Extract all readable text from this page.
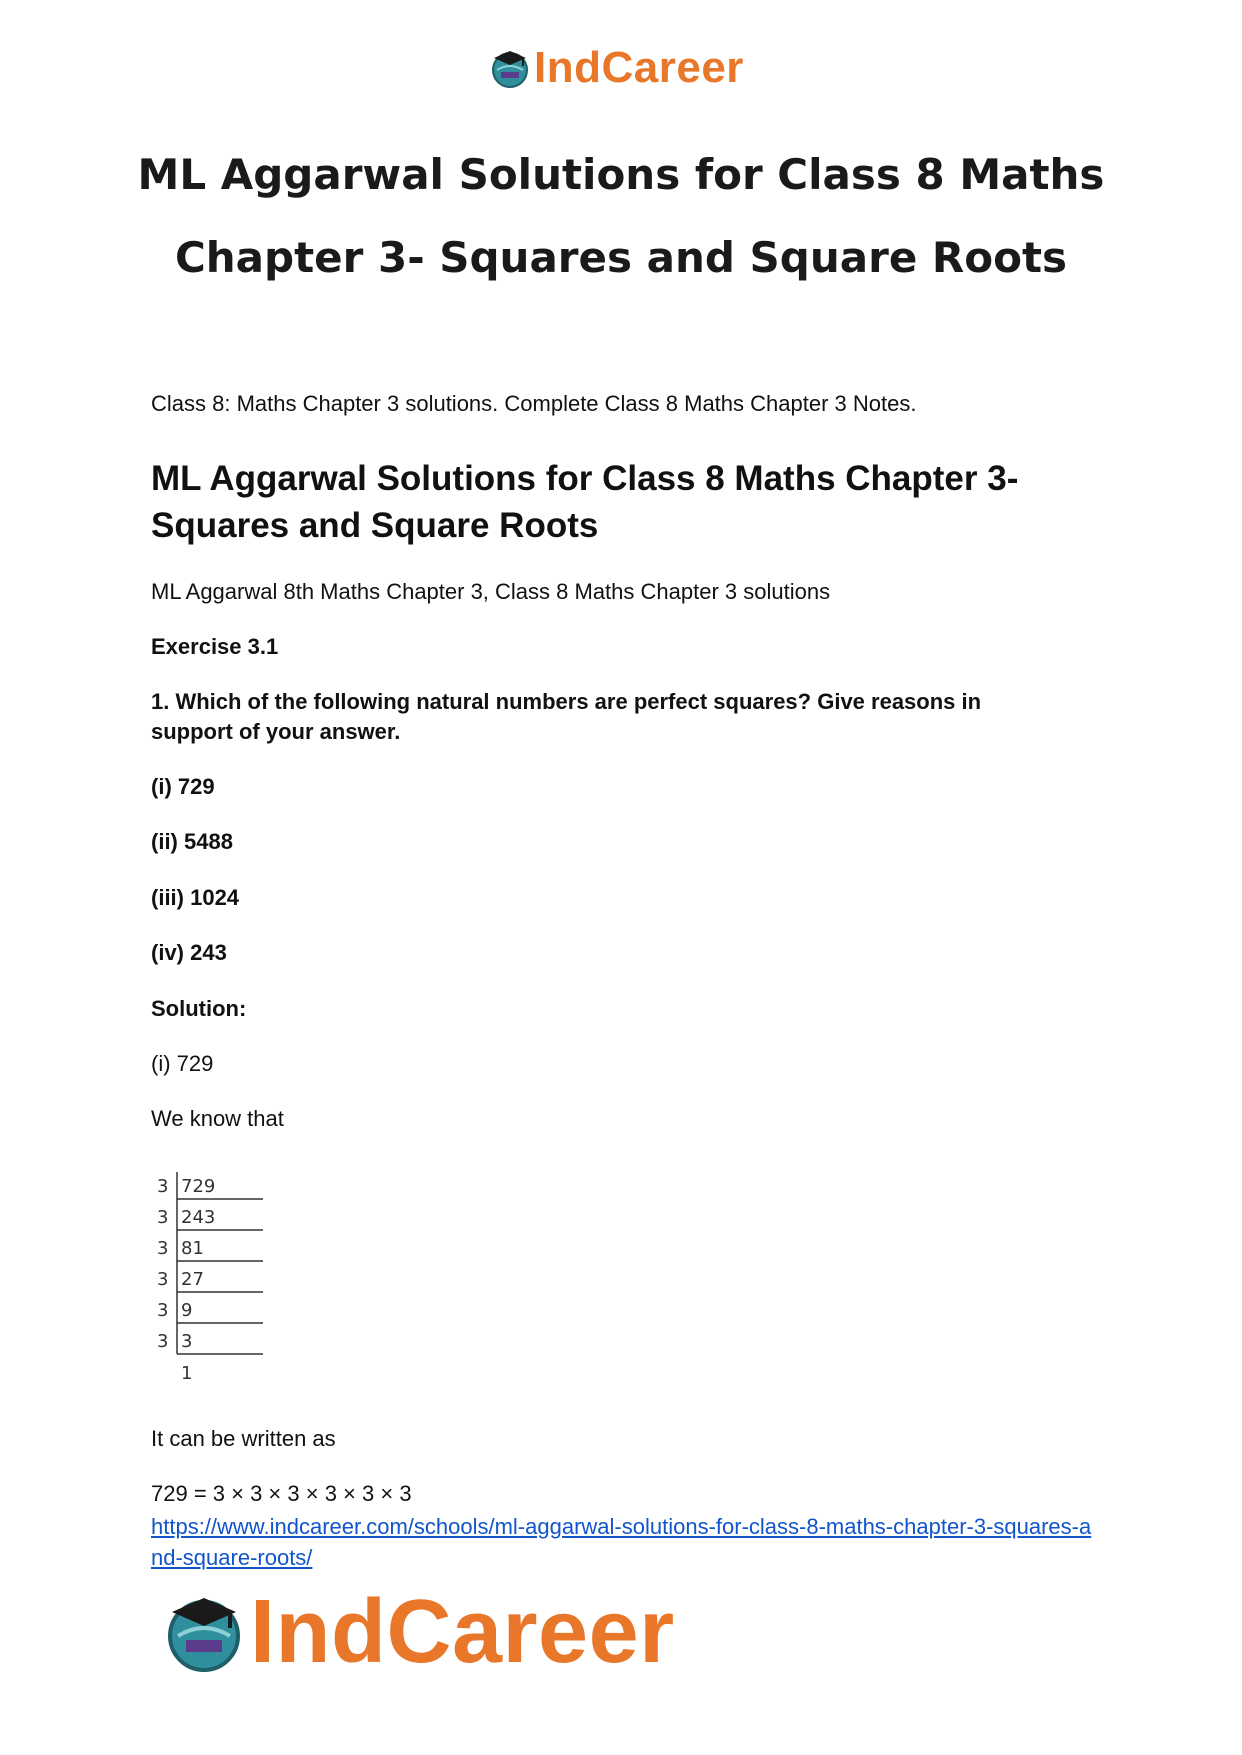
IndCareer
ML Aggarwal Solutions for Class 8 Maths
Chapter 3- Squares and Square Roots

Class 8: Maths Chapter 3 solutions. Complete Class 8 Maths Chapter 3 Notes.

ML Aggarwal Solutions for Class 8 Maths Chapter 3- Squares and Square Roots

ML Aggarwal 8th Maths Chapter 3, Class 8 Maths Chapter 3 solutions

Exercise 3.1

1. Which of the following natural numbers are perfect squares? Give reasons in support of your answer.

(i) 729

(ii) 5488

(iii) 1024

(iv) 243

Solution:

(i) 729

We know that

3 729
3 243
3 81
3 27
3 9
3 3
1

It can be written as

729 = 3 × 3 × 3 × 3 × 3 × 3

https://www.indcareer.com/schools/ml-aggarwal-solutions-for-class-8-maths-chapter-3-squares-and-square-roots/

IndCareer
